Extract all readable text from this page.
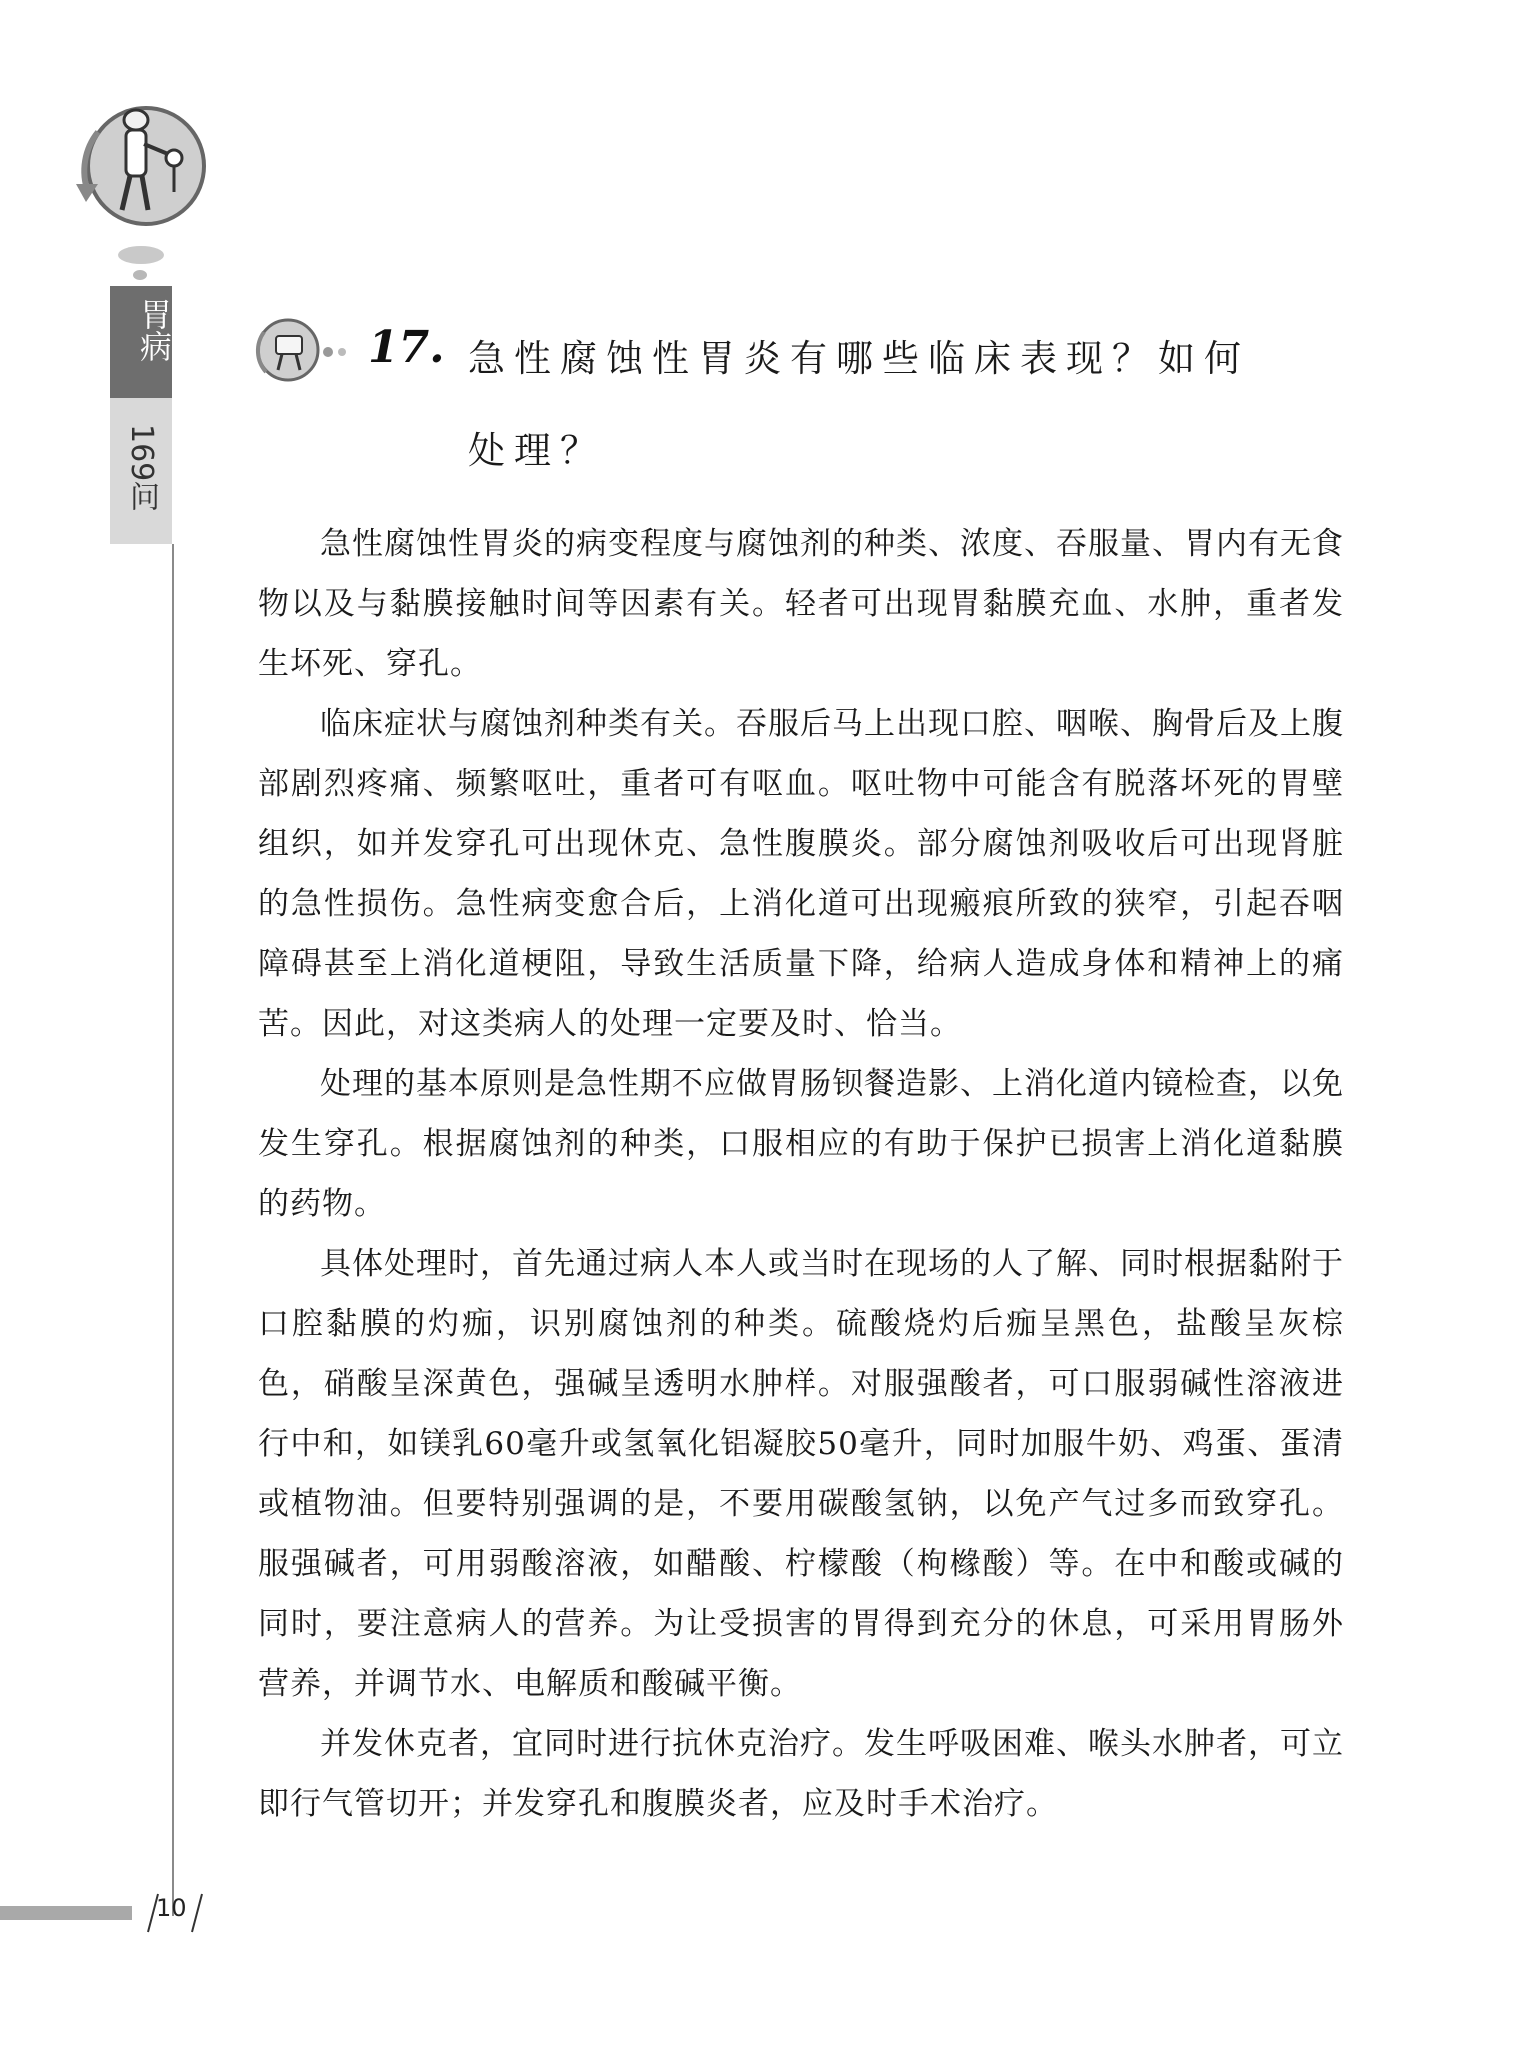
胃病
169问
10
17. 急性腐蚀性胃炎有哪些临床表现？如何
处理？

急性腐蚀性胃炎的病变程度与腐蚀剂的种类、浓度、吞服量、胃内有无食物以及与黏膜接触时间等因素有关。轻者可出现胃黏膜充血、水肿，重者发生坏死、穿孔。

临床症状与腐蚀剂种类有关。吞服后马上出现口腔、咽喉、胸骨后及上腹部剧烈疼痛、频繁呕吐，重者可有呕血。呕吐物中可能含有脱落坏死的胃壁组织，如并发穿孔可出现休克、急性腹膜炎。部分腐蚀剂吸收后可出现肾脏的急性损伤。急性病变愈合后，上消化道可出现瘢痕所致的狭窄，引起吞咽障碍甚至上消化道梗阻，导致生活质量下降，给病人造成身体和精神上的痛苦。因此，对这类病人的处理一定要及时、恰当。

处理的基本原则是急性期不应做胃肠钡餐造影、上消化道内镜检查，以免发生穿孔。根据腐蚀剂的种类，口服相应的有助于保护已损害上消化道黏膜的药物。

具体处理时，首先通过病人本人或当时在现场的人了解、同时根据黏附于口腔黏膜的灼痂，识别腐蚀剂的种类。硫酸烧灼后痂呈黑色，盐酸呈灰棕色，硝酸呈深黄色，强碱呈透明水肿样。对服强酸者，可口服弱碱性溶液进行中和，如镁乳60毫升或氢氧化铝凝胶50毫升，同时加服牛奶、鸡蛋、蛋清或植物油。但要特别强调的是，不要用碳酸氢钠，以免产气过多而致穿孔。服强碱者，可用弱酸溶液，如醋酸、柠檬酸（枸橼酸）等。在中和酸或碱的同时，要注意病人的营养。为让受损害的胃得到充分的休息，可采用胃肠外营养，并调节水、电解质和酸碱平衡。

并发休克者，宜同时进行抗休克治疗。发生呼吸困难、喉头水肿者，可立即行气管切开；并发穿孔和腹膜炎者，应及时手术治疗。
